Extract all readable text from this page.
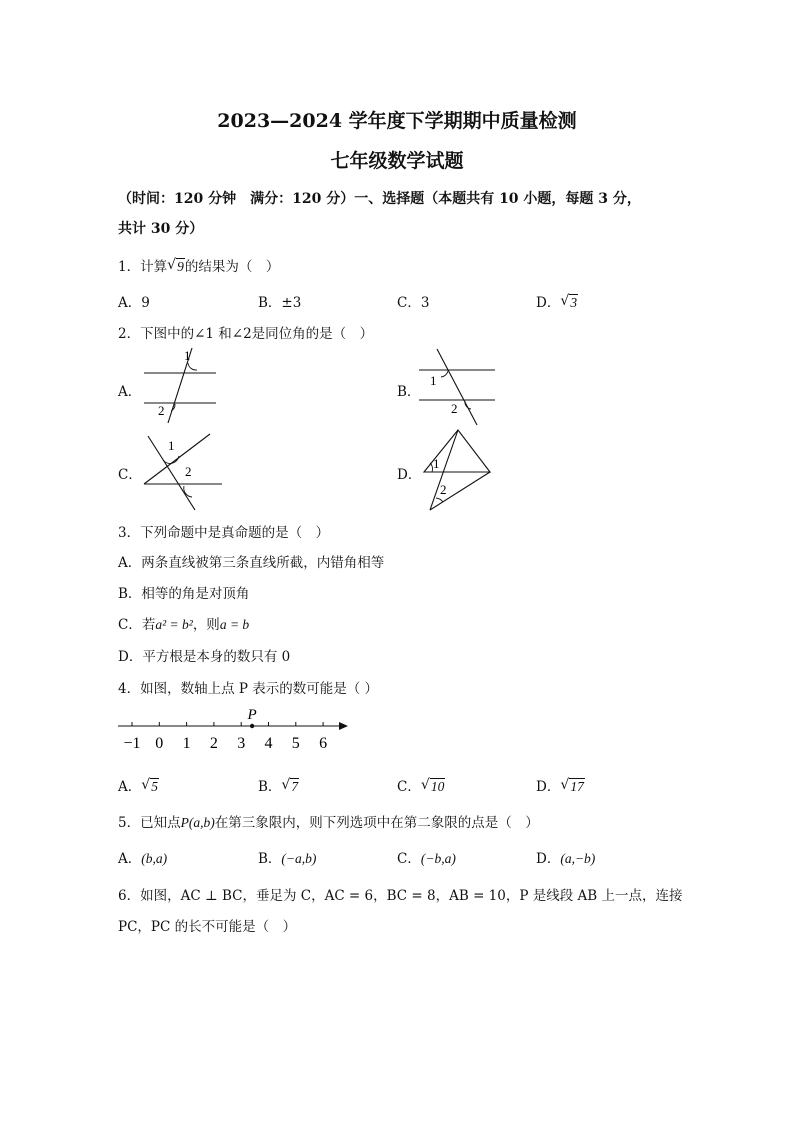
2023—2024 学年度下学期期中质量检测
七年级数学试题
（时间：120 分钟　满分：120 分）一、选择题（本题共有 10 小题，每题 3 分，
共计 30 分）
1．计算 √ 9的结果为（　）
A．9	B．±3	C．3	D． √ 3
2．下图中的∠1 和∠2是同位角的是（　）
A．
1
2
B．
1
2
C．
1
2	D．
1
2
3．下列命题中是真命题的是（　）
A．两条直线被第三条直线所截，内错角相等
B．相等的角是对顶角
C．若a² = b²，则a = b
D．平方根是本身的数只有 0
4．如图，数轴上点 P 表示的数可能是（ ）
−1 0 1 2 3 4 5 6
P
A． √ 5	B． √ 7	C． √ 10	D． √ 17
5．已知点P(a,b)在第三象限内，则下列选项中在第二象限的点是（　）
A．(b,a)	B．(−a,b)	C．(−b,a)	D．(a,−b)
6．如图，AC ⊥ BC，垂足为 C，AC = 6，BC = 8，AB = 10，P 是线段 AB 上一点，连接
PC，PC 的长不可能是（　）
